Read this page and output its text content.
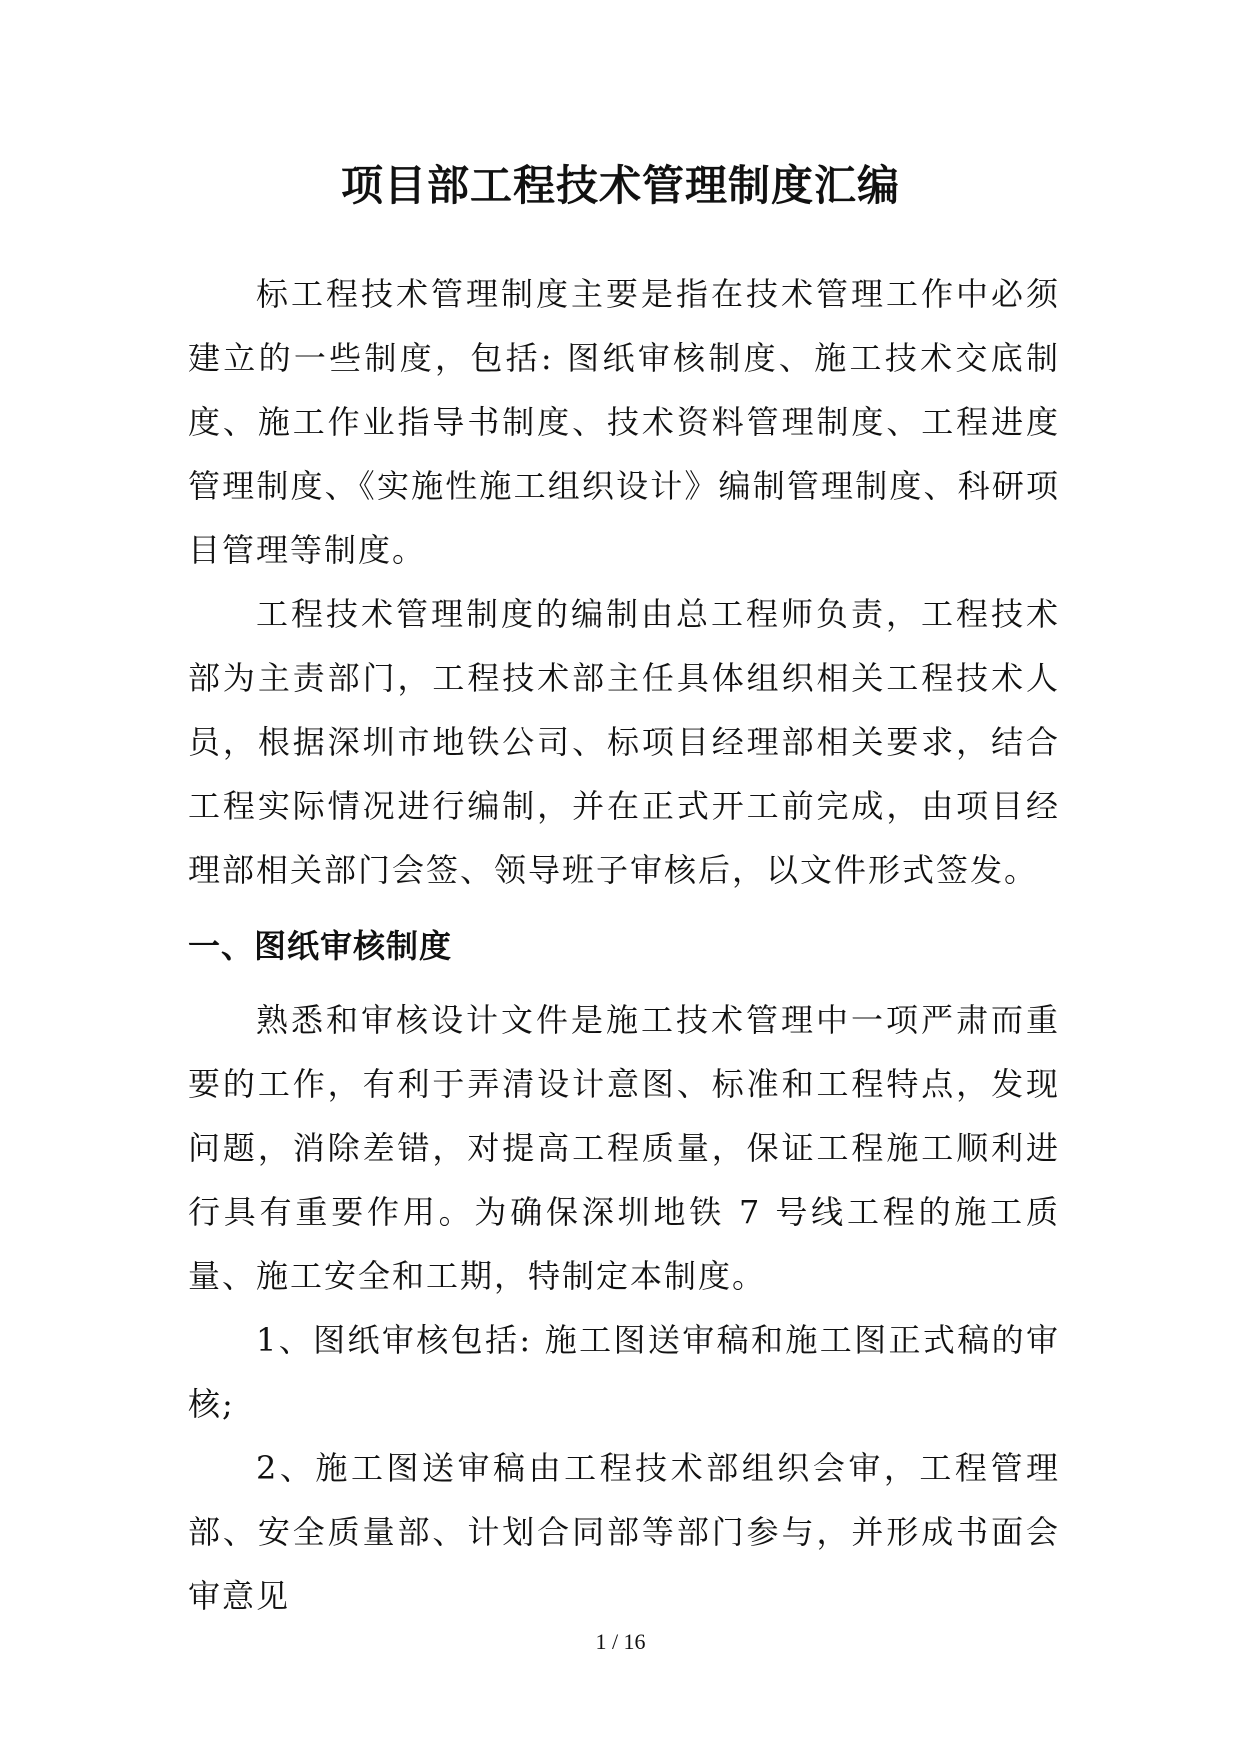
项目部工程技术管理制度汇编
标工程技术管理制度主要是指在技术管理工作中必须建立的一些制度，包括: 图纸审核制度、施工技术交底制度、施工作业指导书制度、技术资料管理制度、工程进度管理制度、《实施性施工组织设计》编制管理制度、科研项目管理等制度。
工程技术管理制度的编制由总工程师负责，工程技术部为主责部门，工程技术部主任具体组织相关工程技术人员，根据深圳市地铁公司、标项目经理部相关要求，结合工程实际情况进行编制，并在正式开工前完成，由项目经理部相关部门会签、领导班子审核后，以文件形式签发。
一、图纸审核制度
熟悉和审核设计文件是施工技术管理中一项严肃而重要的工作，有利于弄清设计意图、标准和工程特点，发现问题，消除差错，对提高工程质量，保证工程施工顺利进行具有重要作用。为确保深圳地铁 7 号线工程的施工质量、施工安全和工期，特制定本制度。
1、图纸审核包括: 施工图送审稿和施工图正式稿的审核;
2、施工图送审稿由工程技术部组织会审，工程管理部、安全质量部、计划合同部等部门参与，并形成书面会审意见
1 / 16
